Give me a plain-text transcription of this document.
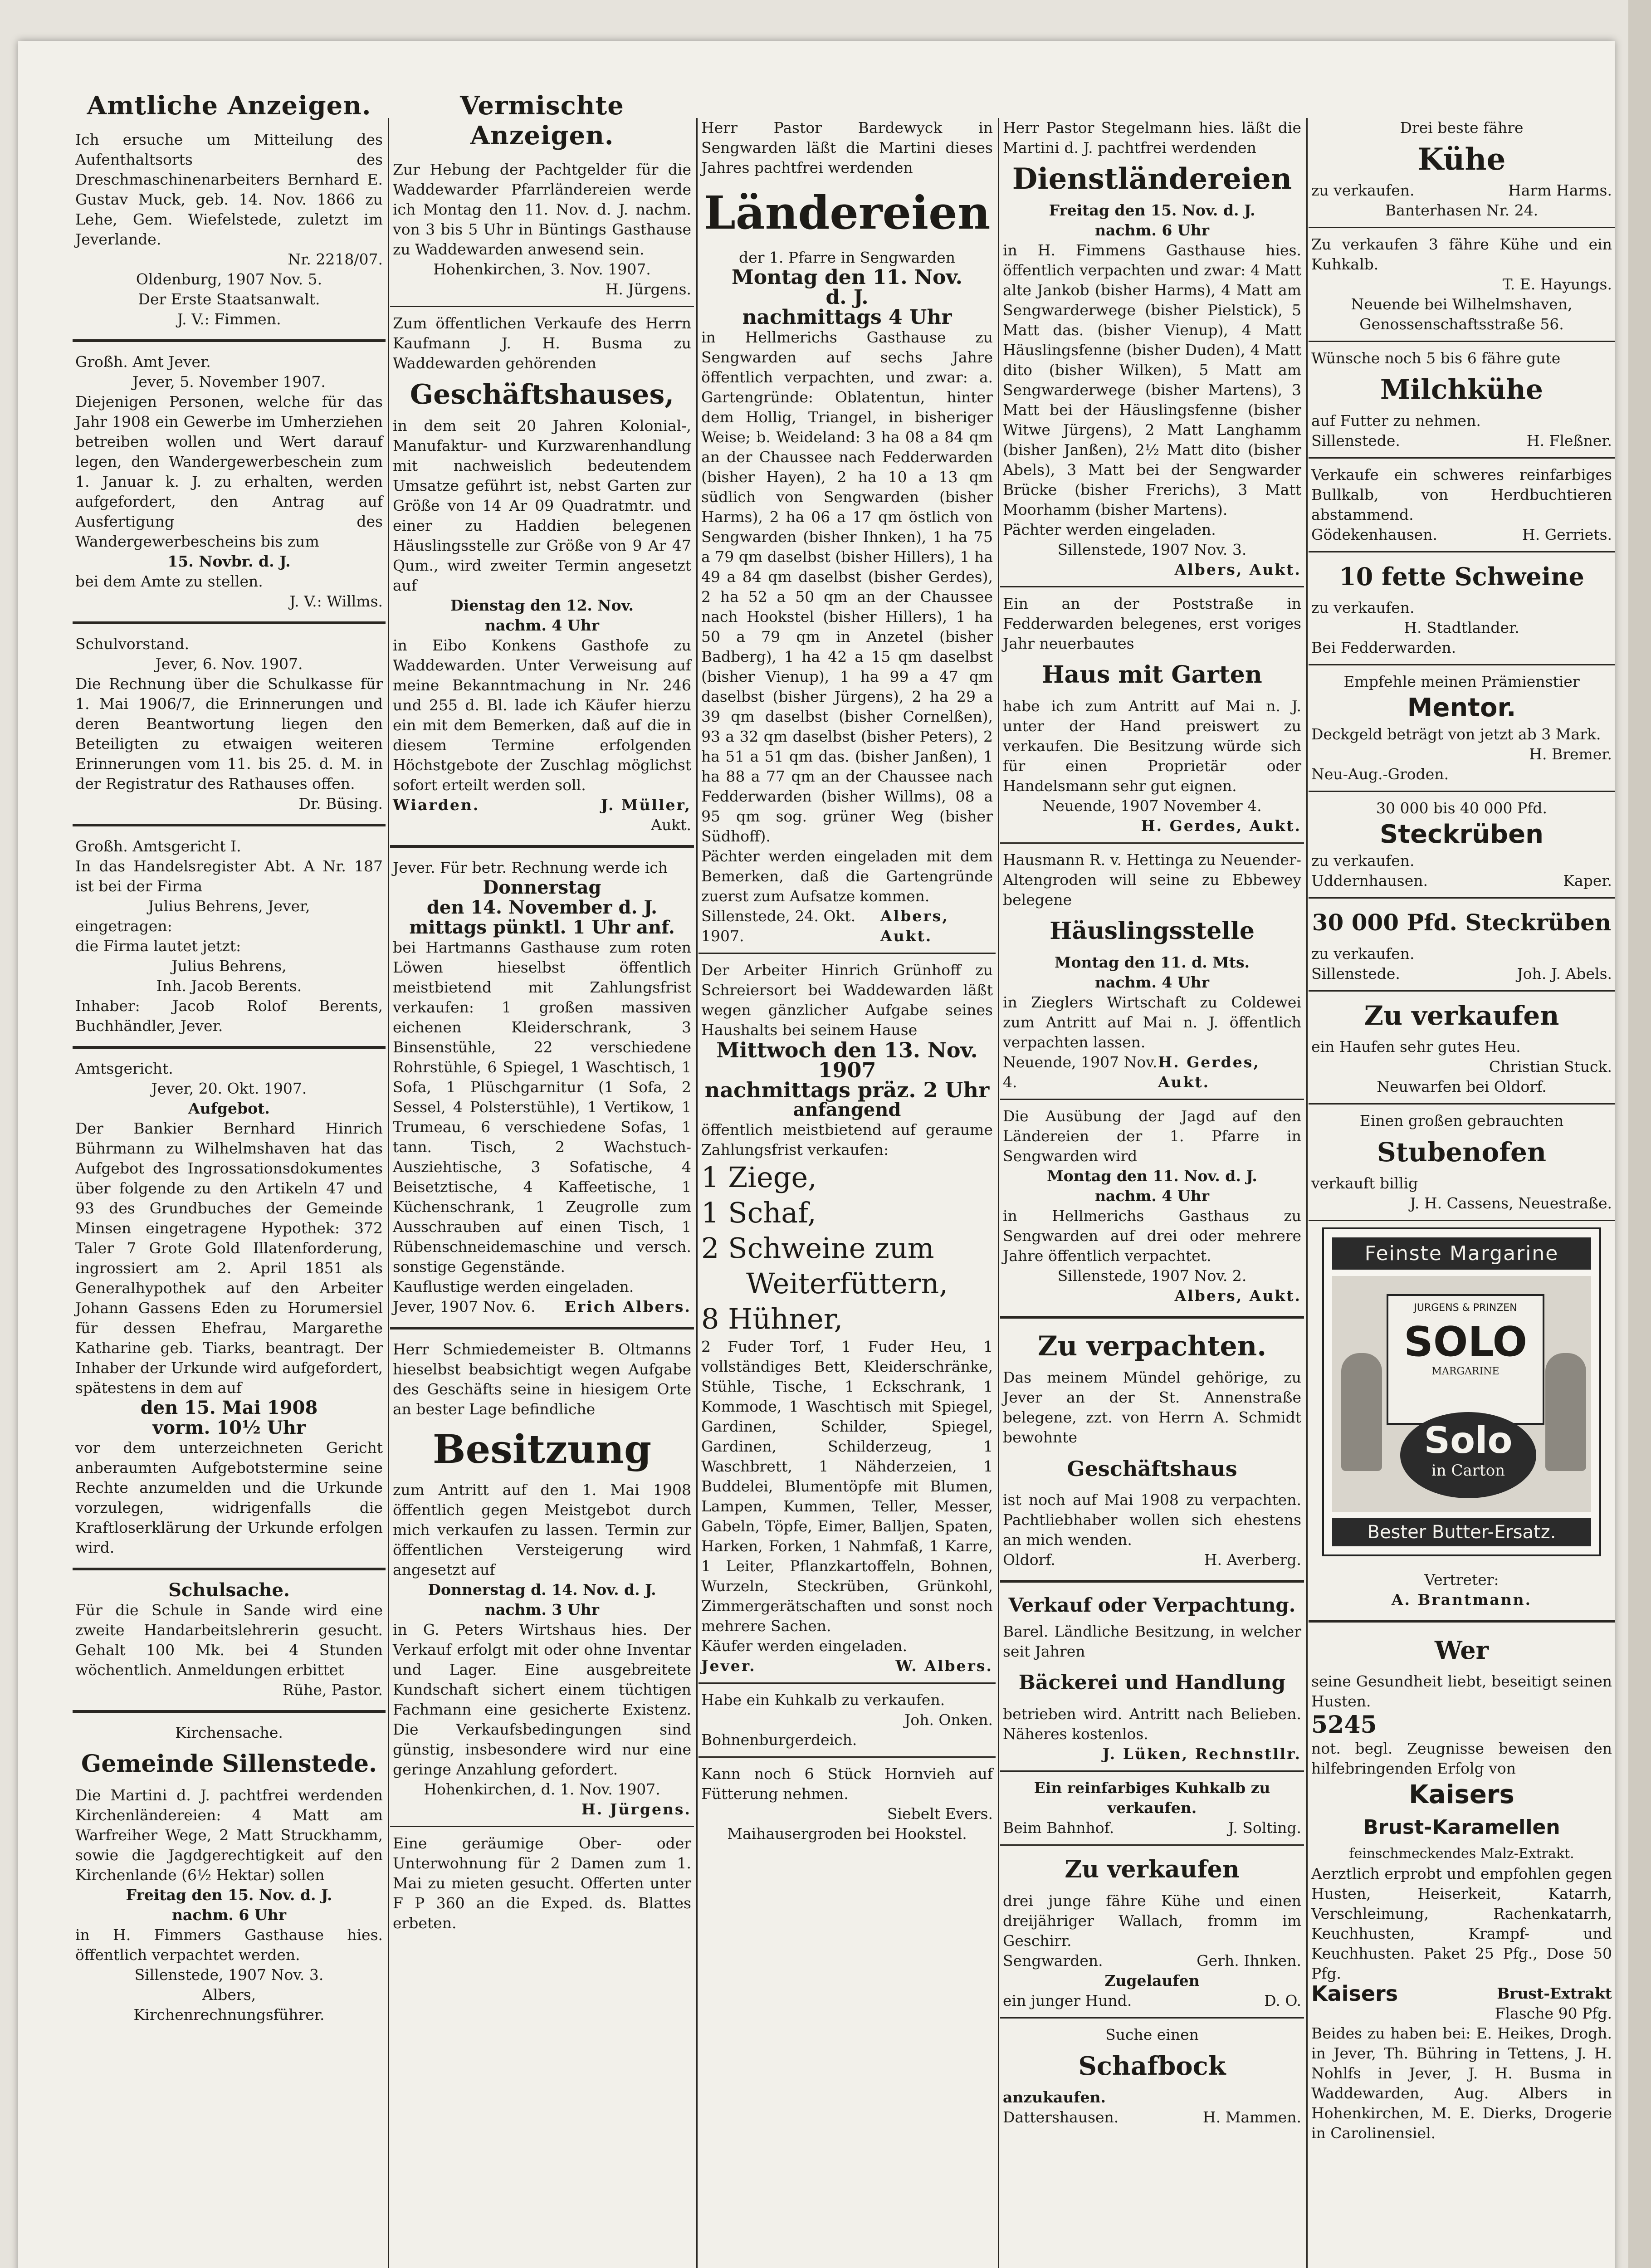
Amtliche Anzeigen.

Ich ersuche um Mitteilung des Aufenthaltsorts des Dreschmaschinenarbeiters Bernhard E. Gustav Muck, geb. 14. Nov. 1866 zu Lehe, Gem. Wiefelstede, zuletzt im Jeverlande.

Nr. 2218/07.

Oldenburg, 1907 Nov. 5.

Der Erste Staatsanwalt.

J. V.: Fimmen.

Großh. Amt Jever.

Jever, 5. November 1907.

Diejenigen Personen, welche für das Jahr 1908 ein Gewerbe im Umherziehen betreiben wollen und Wert darauf legen, den Wandergewerbeschein zum 1. Januar k. J. zu erhalten, werden aufgefordert, den Antrag auf Ausfertigung des Wandergewerbescheins bis zum

15. Novbr. d. J.

bei dem Amte zu stellen.

J. V.: Willms.

Schulvorstand.

Jever, 6. Nov. 1907.

Die Rechnung über die Schulkasse für 1. Mai 1906/7, die Erinnerungen und deren Beantwortung liegen den Beteiligten zu etwaigen weiteren Erinnerungen vom 11. bis 25. d. M. in der Registratur des Rathauses offen.

Dr. Büsing.

Großh. Amtsgericht I.

In das Handelsregister Abt. A Nr. 187 ist bei der Firma

Julius Behrens, Jever,

eingetragen:

die Firma lautet jetzt:

Julius Behrens,

Inh. Jacob Berents.

Inhaber: Jacob Rolof Berents, Buchhändler, Jever.

Amtsgericht.

Jever, 20. Okt. 1907.

Aufgebot.

Der Bankier Bernhard Hinrich Bührmann zu Wilhelmshaven hat das Aufgebot des Ingrossationsdokumentes über folgende zu den Artikeln 47 und 93 des Grundbuches der Gemeinde Minsen eingetragene Hypothek: 372 Taler 7 Grote Gold Illatenforderung, ingrossiert am 2. April 1851 als Generalhypothek auf den Arbeiter Johann Gassens Eden zu Horumersiel für dessen Ehefrau, Margarethe Katharine geb. Tiarks, beantragt. Der Inhaber der Urkunde wird aufgefordert, spätestens in dem auf

den 15. Mai 1908

vorm. 10½ Uhr

vor dem unterzeichneten Gericht anberaumten Aufgebotstermine seine Rechte anzumelden und die Urkunde vorzulegen, widrigenfalls die Kraftloserklärung der Urkunde erfolgen wird.

Schulsache.

Für die Schule in Sande wird eine zweite Handarbeitslehrerin gesucht. Gehalt 100 Mk. bei 4 Stunden wöchentlich. Anmeldungen erbittet

Rühe, Pastor.

Kirchensache.

Gemeinde Sillenstede.

Die Martini d. J. pachtfrei werdenden Kirchenländereien: 4 Matt am Warfreiher Wege, 2 Matt Struckhamm, sowie die Jagdgerechtigkeit auf den Kirchenlande (6½ Hektar) sollen

Freitag den 15. Nov. d. J.

nachm. 6 Uhr

in H. Fimmers Gasthause hies. öffentlich verpachtet werden.

Sillenstede, 1907 Nov. 3.

Albers,

Kirchenrechnungsführer.

Vermischte Anzeigen.

Zur Hebung der Pachtgelder für die Waddewarder Pfarrländereien werde ich Montag den 11. Nov. d. J. nachm. von 3 bis 5 Uhr in Büntings Gasthause zu Waddewarden anwesend sein.

Hohenkirchen, 3. Nov. 1907.

H. Jürgens.

Zum öffentlichen Verkaufe des Herrn Kaufmann J. H. Busma zu Waddewarden gehörenden

Geschäftshauses,

in dem seit 20 Jahren Kolonial-, Manufaktur- und Kurzwarenhandlung mit nachweislich bedeutendem Umsatze geführt ist, nebst Garten zur Größe von 14 Ar 09 Quadratmtr. und einer zu Haddien belegenen Häuslingsstelle zur Größe von 9 Ar 47 Qum., wird zweiter Termin angesetzt auf

Dienstag den 12. Nov.

nachm. 4 Uhr

in Eibo Konkens Gasthofe zu Waddewarden. Unter Verweisung auf meine Bekanntmachung in Nr. 246 und 255 d. Bl. lade ich Käufer hierzu ein mit dem Bemerken, daß auf die in diesem Termine erfolgenden Höchstgebote der Zuschlag möglichst sofort erteilt werden soll.

Wiarden.	J. Müller,

Aukt.

Jever. Für betr. Rechnung werde ich

Donnerstag

den 14. November d. J.

mittags pünktl. 1 Uhr anf.

bei Hartmanns Gasthause zum roten Löwen hieselbst öffentlich meistbietend mit Zahlungsfrist verkaufen: 1 großen massiven eichenen Kleiderschrank, 3 Binsenstühle, 22 verschiedene Rohrstühle, 6 Spiegel, 1 Waschtisch, 1 Sofa, 1 Plüschgarnitur (1 Sofa, 2 Sessel, 4 Polsterstühle), 1 Vertikow, 1 Trumeau, 6 verschiedene Sofas, 1 tann. Tisch, 2 Wachstuch-Ausziehtische, 3 Sofatische, 4 Beisetztische, 4 Kaffeetische, 1 Küchenschrank, 1 Zeugrolle zum Ausschrauben auf einen Tisch, 1 Rübenschneidemaschine und versch. sonstige Gegenstände.

Kauflustige werden eingeladen.

Jever, 1907 Nov. 6. Erich Albers.

Herr Schmiedemeister B. Oltmanns hieselbst beabsichtigt wegen Aufgabe des Geschäfts seine in hiesigem Orte an bester Lage befindliche

Besitzung

zum Antritt auf den 1. Mai 1908 öffentlich gegen Meistgebot durch mich verkaufen zu lassen. Termin zur öffentlichen Versteigerung wird angesetzt auf

Donnerstag d. 14. Nov. d. J.

nachm. 3 Uhr

in G. Peters Wirtshaus hies. Der Verkauf erfolgt mit oder ohne Inventar und Lager. Eine ausgebreitete Kundschaft sichert einem tüchtigen Fachmann eine gesicherte Existenz. Die Verkaufsbedingungen sind günstig, insbesondere wird nur eine geringe Anzahlung gefordert.

Hohenkirchen, d. 1. Nov. 1907.

H. Jürgens.

Eine geräumige Ober- oder Unterwohnung für 2 Damen zum 1. Mai zu mieten gesucht. Offerten unter F P 360 an die Exped. ds. Blattes erbeten.

Herr Pastor Bardewyck in Sengwarden läßt die Martini dieses Jahres pachtfrei werdenden

Ländereien

der 1. Pfarre in Sengwarden

Montag den 11. Nov.

d. J.

nachmittags 4 Uhr

in Hellmerichs Gasthause zu Sengwarden auf sechs Jahre öffentlich verpachten, und zwar: a. Gartengründe: Oblatentun, hinter dem Hollig, Triangel, in bisheriger Weise; b. Weideland: 3 ha 08 a 84 qm an der Chaussee nach Fedderwarden (bisher Hayen), 2 ha 10 a 13 qm südlich von Sengwarden (bisher Harms), 2 ha 06 a 17 qm östlich von Sengwarden (bisher Ihnken), 1 ha 75 a 79 qm daselbst (bisher Hillers), 1 ha 49 a 84 qm daselbst (bisher Gerdes), 2 ha 52 a 50 qm an der Chaussee nach Hookstel (bisher Hillers), 1 ha 50 a 79 qm in Anzetel (bisher Badberg), 1 ha 42 a 15 qm daselbst (bisher Vienup), 1 ha 99 a 47 qm daselbst (bisher Jürgens), 2 ha 29 a 39 qm daselbst (bisher Cornelßen), 93 a 32 qm daselbst (bisher Peters), 2 ha 51 a 51 qm das. (bisher Janßen), 1 ha 88 a 77 qm an der Chaussee nach Fedderwarden (bisher Willms), 08 a 95 qm sog. grüner Weg (bisher Südhoff).

Pächter werden eingeladen mit dem Bemerken, daß die Gartengründe zuerst zum Aufsatze kommen.

Sillenstede, 24. Okt. 1907.
Albers, Aukt.

Der Arbeiter Hinrich Grünhoff zu Schreiersort bei Waddewarden läßt wegen gänzlicher Aufgabe seines Haushalts bei seinem Hause

Mittwoch den 13. Nov. 1907

nachmittags präz. 2 Uhr

anfangend

öffentlich meistbietend auf geraume Zahlungsfrist verkaufen:

1 Ziege,

1 Schaf,

2 Schweine zum

Weiterfüttern,

8 Hühner,

2 Fuder Torf, 1 Fuder Heu, 1 vollständiges Bett, Kleiderschränke, Stühle, Tische, 1 Eckschrank, 1 Kommode, 1 Waschtisch mit Spiegel, Gardinen, Schilder, Spiegel, Gardinen, Schilderzeug, 1 Waschbrett, 1 Nähderzeien, 1 Buddelei, Blumentöpfe mit Blumen, Lampen, Kummen, Teller, Messer, Gabeln, Töpfe, Eimer, Balljen, Spaten, Harken, Forken, 1 Nahmfaß, 1 Karre, 1 Leiter, Pflanzkartoffeln, Bohnen, Wurzeln, Steckrüben, Grünkohl, Zimmergerätschaften und sonst noch mehrere Sachen.

Käufer werden eingeladen.

Jever.	W. Albers.

Habe ein Kuhkalb zu verkaufen.

Joh. Onken.

Bohnenburgerdeich.

Kann noch 6 Stück Hornvieh auf Fütterung nehmen.

Siebelt Evers.

Maihausergroden bei Hookstel.

Herr Pastor Stegelmann hies. läßt die Martini d. J. pachtfrei werdenden

Dienstländereien

Freitag den 15. Nov. d. J.

nachm. 6 Uhr

in H. Fimmens Gasthause hies. öffentlich verpachten und zwar: 4 Matt alte Jankob (bisher Harms), 4 Matt am Sengwarderwege (bisher Pielstick), 5 Matt das. (bisher Vienup), 4 Matt Häuslingsfenne (bisher Duden), 4 Matt dito (bisher Wilken), 5 Matt am Sengwarderwege (bisher Martens), 3 Matt bei der Häuslingsfenne (bisher Witwe Jürgens), 2 Matt Langhamm (bisher Janßen), 2½ Matt dito (bisher Abels), 3 Matt bei der Sengwarder Brücke (bisher Frerichs), 3 Matt Moorhamm (bisher Martens).

Pächter werden eingeladen.

Sillenstede, 1907 Nov. 3.

Albers, Aukt.

Ein an der Poststraße in Fedderwarden belegenes, erst voriges Jahr neuerbautes

Haus mit Garten

habe ich zum Antritt auf Mai n. J. unter der Hand preiswert zu verkaufen. Die Besitzung würde sich für einen Proprietär oder Handelsmann sehr gut eignen.

Neuende, 1907 November 4.

H. Gerdes, Aukt.

Hausmann R. v. Hettinga zu Neuender-Altengroden will seine zu Ebbewey belegene

Häuslingsstelle

Montag den 11. d. Mts.

nachm. 4 Uhr

in Zieglers Wirtschaft zu Coldewei zum Antritt auf Mai n. J. öffentlich verpachten lassen.

Neuende, 1907 Nov. 4.
H. Gerdes, Aukt.

Die Ausübung der Jagd auf den Ländereien der 1. Pfarre in Sengwarden wird

Montag den 11. Nov. d. J.

nachm. 4 Uhr

in Hellmerichs Gasthaus zu Sengwarden auf drei oder mehrere Jahre öffentlich verpachtet.

Sillenstede, 1907 Nov. 2.

Albers, Aukt.

Zu verpachten.

Das meinem Mündel gehörige, zu Jever an der St. Annenstraße belegene, zzt. von Herrn A. Schmidt bewohnte

Geschäftshaus

ist noch auf Mai 1908 zu verpachten. Pachtliebhaber wollen sich ehestens an mich wenden.

Oldorf.	H. Averberg.

Verkauf oder Verpachtung.

Barel. Ländliche Besitzung, in welcher seit Jahren

Bäckerei und Handlung

betrieben wird. Antritt nach Belieben. Näheres kostenlos.

J. Lüken, Rechnstllr.

Ein reinfarbiges Kuhkalb zu verkaufen.

Beim Bahnhof.	J. Solting.

Zu verkaufen

drei junge fähre Kühe und einen dreijähriger Wallach, fromm im Geschirr.

Sengwarden.	Gerh. Ihnken.

Zugelaufen

ein junger Hund.	D. O.

Suche einen

Schafbock

anzukaufen.

Dattershausen.	H. Mammen.

Drei beste fähre

Kühe

zu verkaufen.	Harm Harms.

Banterhasen Nr. 24.

Zu verkaufen 3 fähre Kühe und ein Kuhkalb.

T. E. Hayungs.

Neuende bei Wilhelmshaven, Genossenschaftsstraße 56.

Wünsche noch 5 bis 6 fähre gute

Milchkühe

auf Futter zu nehmen.

Sillenstede.	H. Fleßner.

Verkaufe ein schweres reinfarbiges Bullkalb, von Herdbuchtieren abstammend.

Gödekenhausen.	H. Gerriets.

10 fette Schweine

zu verkaufen.

H. Stadtlander.

Bei Fedderwarden.

Empfehle meinen Prämienstier

Mentor.

Deckgeld beträgt von jetzt ab 3 Mark.

H. Bremer.

Neu-Aug.-Groden.

30 000 bis 40 000 Pfd.

Steckrüben

zu verkaufen.

Uddernhausen.	Kaper.

30 000 Pfd. Steckrüben

zu verkaufen.

Sillenstede.	Joh. J. Abels.

Zu verkaufen

ein Haufen sehr gutes Heu.

Christian Stuck.

Neuwarfen bei Oldorf.

Einen großen gebrauchten

Stubenofen

verkauft billig

J. H. Cassens, Neuestraße.

Feinste Margarine
JURGENS & PRINZEN
SOLO
MARGARINE
Solo
in Carton
Bester Butter-Ersatz.

Vertreter:

A. Brantmann.

Wer

seine Gesundheit liebt, beseitigt seinen Husten.

5245

not. begl. Zeugnisse beweisen den hilfebringenden Erfolg von

Kaisers

Brust-Karamellen

feinschmeckendes Malz-Extrakt.

Aerztlich erprobt und empfohlen gegen Husten, Heiserkeit, Katarrh, Verschleimung, Rachenkatarrh, Keuchhusten, Krampf- und Keuchhusten. Paket 25 Pfg., Dose 50 Pfg.

Kaisers	Brust-Extrakt

Flasche 90 Pfg.

Beides zu haben bei: E. Heikes, Drogh. in Jever, Th. Bühring in Tettens, J. H. Nohlfs in Jever, J. H. Busma in Waddewarden, Aug. Albers in Hohenkirchen, M. E. Dierks, Drogerie in Carolinensiel.
